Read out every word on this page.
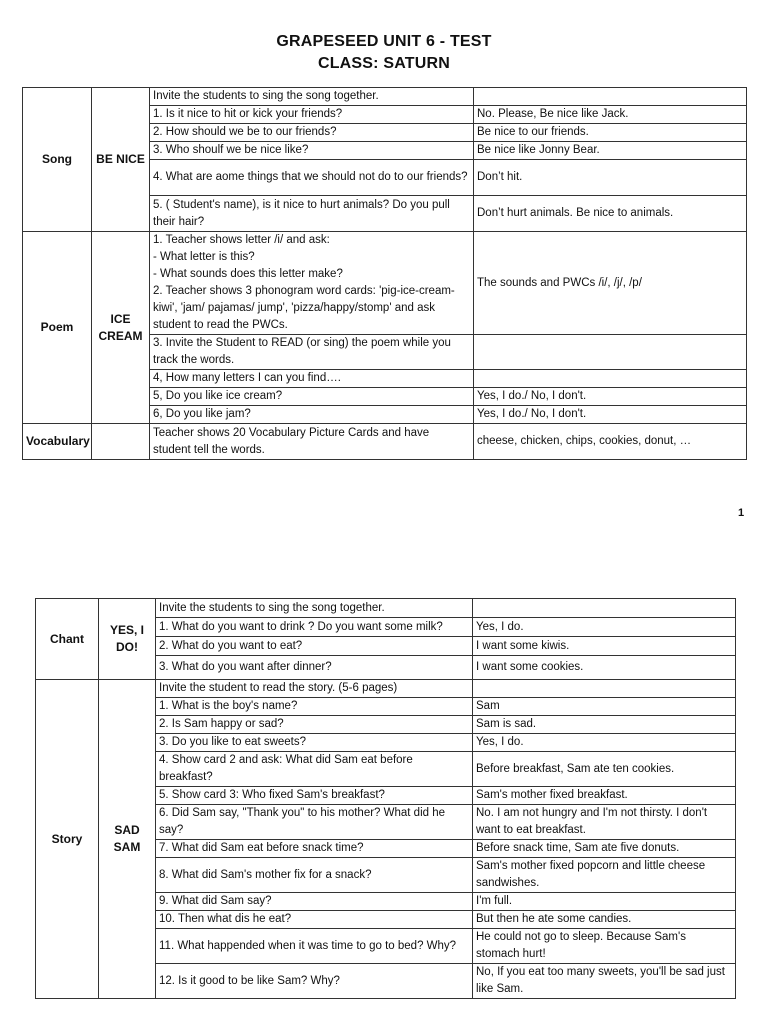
GRAPESEED UNIT 6 - TEST
CLASS: SATURN
Song	BE NICE	Invite the students to sing the song together.	
		1. Is it nice to hit or kick your friends?	No. Please, Be nice like Jack.
		2. How should we be to our friends?	Be nice to our friends.
		3. Who shoulf we be nice like?	Be nice like Jonny Bear.
		4. What are aome things that we should not do to our friends?	Don’t hit.
		5. ( Student's name), is it nice to hurt animals? Do you pull their hair?	Don’t hurt animals. Be nice to animals.
Poem	ICE CREAM	1. Teacher shows letter /i/ and ask:
- What letter is this?
- What sounds does this letter make?
2. Teacher shows 3 phonogram word cards: 'pig-ice-cream-kiwi', 'jam/ pajamas/ jump', 'pizza/happy/stomp' and ask student to read the PWCs.	The sounds and PWCs /i/, /j/, /p/
		3. Invite the Student to READ (or sing) the poem while you track the words.	
		4, How many letters I can you find….	
		5, Do you like ice cream?	Yes, I do./ No, I don't.
		6, Do you like jam?	Yes, I do./ No, I don't.
Vocabulary		Teacher shows 20 Vocabulary Picture Cards and have student tell the words.	cheese, chicken, chips, cookies, donut, …
1
Chant	YES, I DO!	Invite the students to sing the song together.	
		1. What do you want to drink ? Do you want some milk?	Yes, I do.
		2. What do you want to eat?	I want some kiwis.
		3. What do you want after dinner?	I want some cookies.
Story	SAD SAM	Invite the student to read the story. (5-6 pages)	
		1. What is the boy's name?	Sam
		2. Is Sam happy or sad?	Sam is sad.
		3. Do you like to eat sweets?	Yes, I do.
		4. Show card 2 and ask: What did Sam eat before breakfast?	Before breakfast, Sam ate ten cookies.
		5. Show card 3: Who fixed Sam's breakfast?	Sam's mother fixed breakfast.
		6. Did Sam say, "Thank you" to his mother? What did he say?	No. I am not hungry and I'm not thirsty. I don't want to eat breakfast.
		7. What did Sam eat before snack time?	Before snack time, Sam ate five donuts.
		8. What did Sam's mother fix for a snack?	Sam's mother fixed popcorn and little cheese sandwishes.
		9. What did Sam say?	I'm full.
		10. Then what dis he eat?	But then he ate some candies.
		11. What happended when it was time to go to bed? Why?	He could not go to sleep. Because Sam's stomach hurt!
		12. Is it good to be like Sam? Why?	No, If you eat too many sweets, you'll be sad just like Sam.
